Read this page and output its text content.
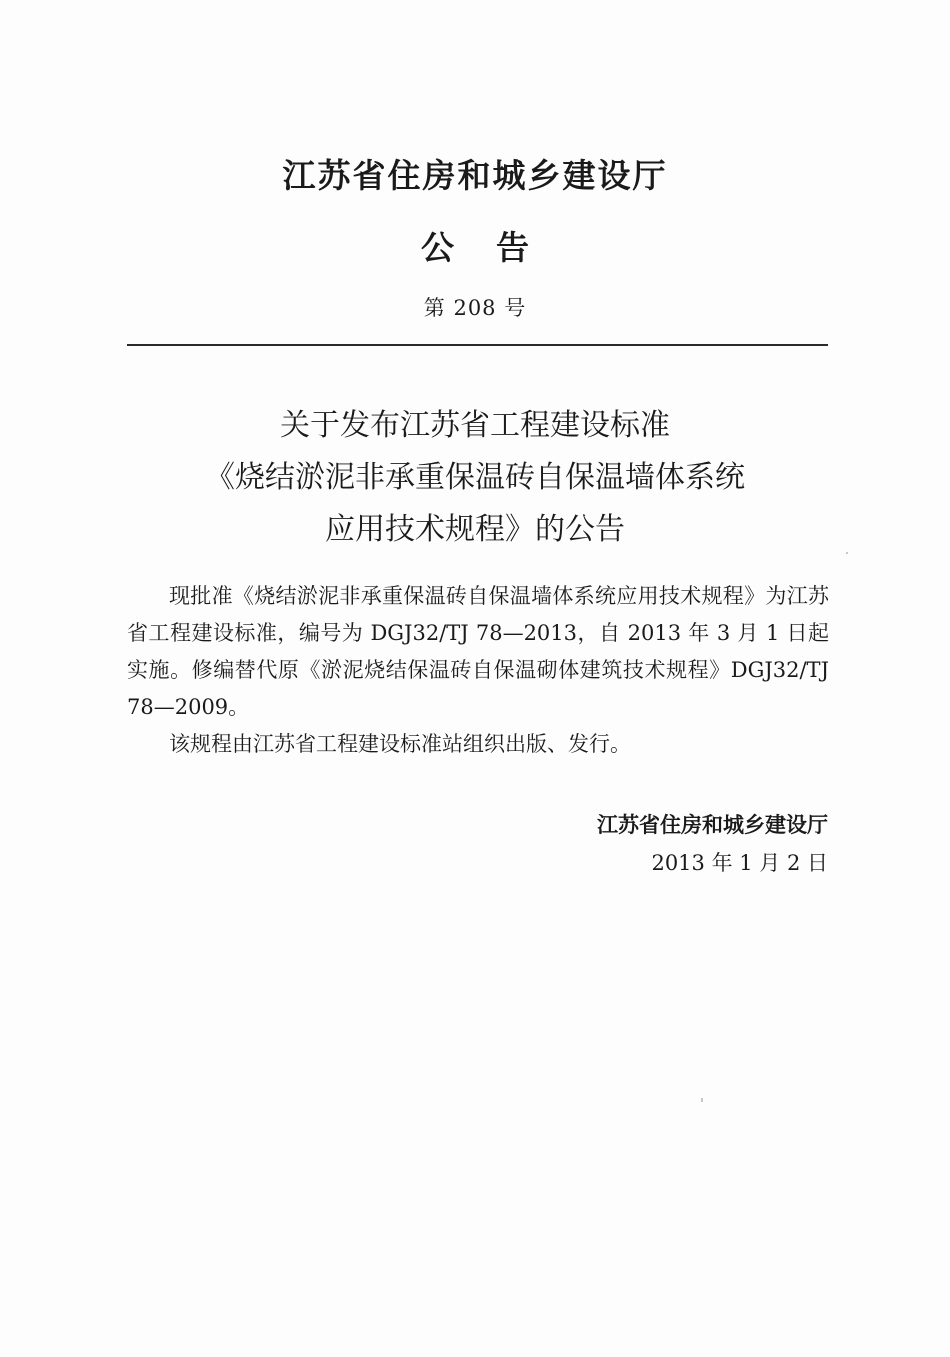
江苏省住房和城乡建设厅
公告
第 208 号
关于发布江苏省工程建设标准
《烧结淤泥非承重保温砖自保温墙体系统
应用技术规程》的公告

现批准《烧结淤泥非承重保温砖自保温墙体系统应用技术规程》为江苏省工程建设标准，编号为 DGJ32/TJ 78—2013，自 2013 年 3 月 1 日起实施。修编替代原《淤泥烧结保温砖自保温砌体建筑技术规程》DGJ32/TJ 78—2009。

该规程由江苏省工程建设标准站组织出版、发行。

江苏省住房和城乡建设厅
2013 年 1 月 2 日
